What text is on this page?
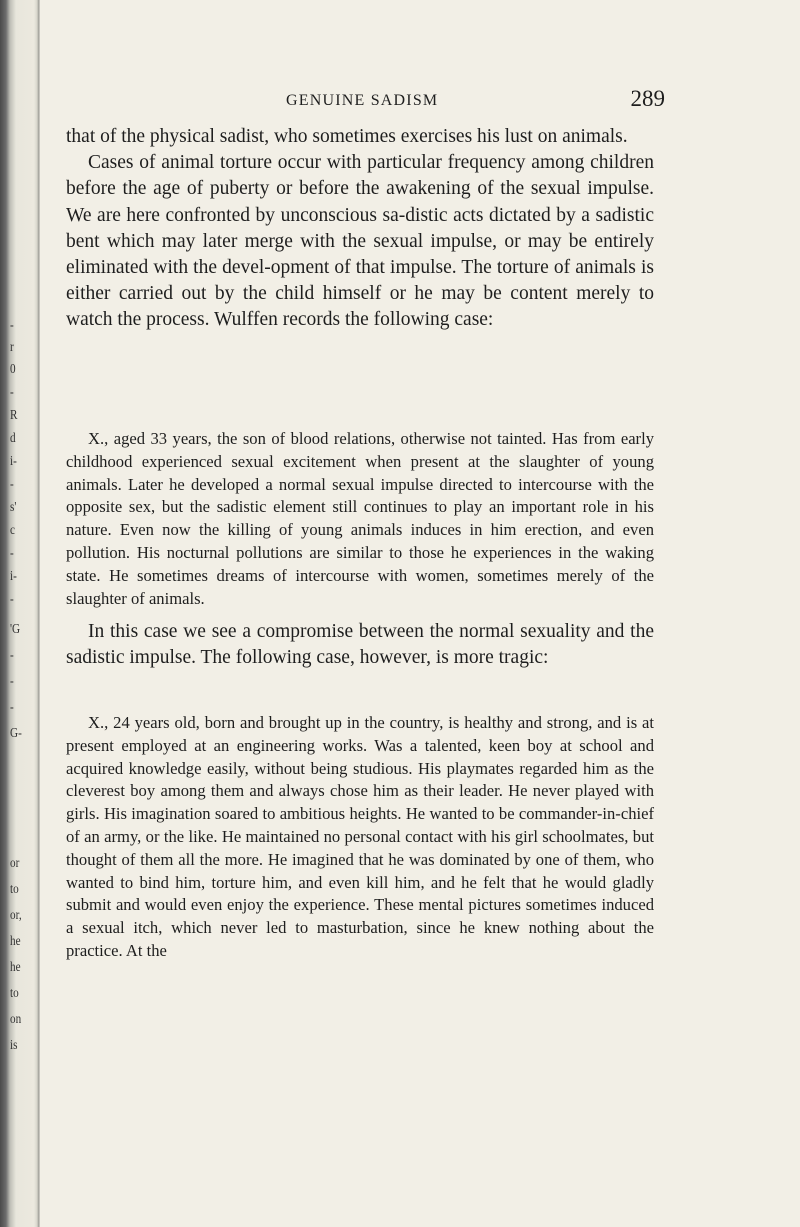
-
r
0
-
R
d
i-
-
s'
c
-
i-
-
'G
-
-
-
G-
or
to
or,
he
he
to
on
is
GENUINE SADISM	289

that of the physical sadist, who sometimes exercises his lust on animals.

Cases of animal torture occur with particular frequency among children before the age of puberty or before the awakening of the sexual impulse. We are here confronted by unconscious sa-distic acts dictated by a sadistic bent which may later merge with the sexual impulse, or may be entirely eliminated with the devel-opment of that impulse. The torture of animals is either carried out by the child himself or he may be content merely to watch the process. Wulffen records the following case:

X., aged 33 years, the son of blood relations, otherwise not tainted. Has from early childhood experienced sexual excitement when present at the slaughter of young animals. Later he developed a normal sexual impulse directed to intercourse with the opposite sex, but the sadistic element still continues to play an important role in his nature. Even now the killing of young animals induces in him erection, and even pollution. His nocturnal pollutions are similar to those he experiences in the waking state. He sometimes dreams of intercourse with women, sometimes merely of the slaughter of animals.

In this case we see a compromise between the normal sexuality and the sadistic impulse. The following case, however, is more tragic:

X., 24 years old, born and brought up in the country, is healthy and strong, and is at present employed at an engineering works. Was a talented, keen boy at school and acquired knowledge easily, without being studious. His playmates regarded him as the cleverest boy among them and always chose him as their leader. He never played with girls. His imagination soared to ambitious heights. He wanted to be commander-in-chief of an army, or the like. He maintained no personal contact with his girl schoolmates, but thought of them all the more. He imagined that he was dominated by one of them, who wanted to bind him, torture him, and even kill him, and he felt that he would gladly submit and would even enjoy the experience. These mental pictures sometimes induced a sexual itch, which never led to masturbation, since he knew nothing about the practice. At the
